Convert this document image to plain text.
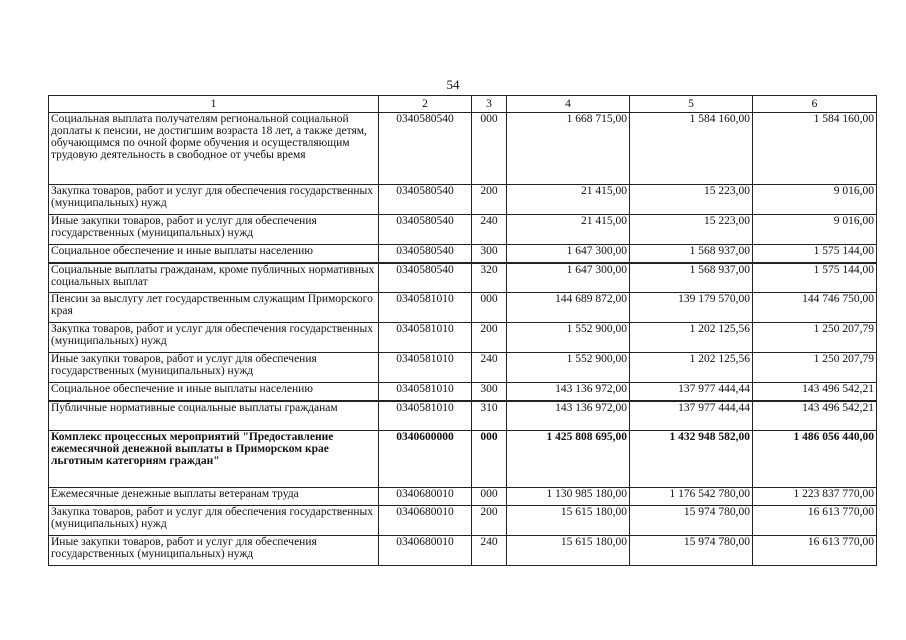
54
1	2	3	4	5	6
Социальная выплата получателям региональной социальной доплаты к пенсии, не достигшим возраста 18 лет, а также детям, обучающимся по очной форме обучения и осуществляющим трудовую деятельность в свободное от учебы время	0340580540	000	1 668 715,00	1 584 160,00	1 584 160,00
Закупка товаров, работ и услуг для обеспечения государственных (муниципальных) нужд	0340580540	200	21 415,00	15 223,00	9 016,00
Иные закупки товаров, работ и услуг для обеспечения государственных (муниципальных) нужд	0340580540	240	21 415,00	15 223,00	9 016,00
Социальное обеспечение и иные выплаты населению	0340580540	300	1 647 300,00	1 568 937,00	1 575 144,00
Социальные выплаты гражданам, кроме публичных нормативных социальных выплат	0340580540	320	1 647 300,00	1 568 937,00	1 575 144,00
Пенсии за выслугу лет государственным служащим Приморского края	0340581010	000	144 689 872,00	139 179 570,00	144 746 750,00
Закупка товаров, работ и услуг для обеспечения государственных (муниципальных) нужд	0340581010	200	1 552 900,00	1 202 125,56	1 250 207,79
Иные закупки товаров, работ и услуг для обеспечения государственных (муниципальных) нужд	0340581010	240	1 552 900,00	1 202 125,56	1 250 207,79
Социальное обеспечение и иные выплаты населению	0340581010	300	143 136 972,00	137 977 444,44	143 496 542,21
Публичные нормативные социальные выплаты гражданам	0340581010	310	143 136 972,00	137 977 444,44	143 496 542,21
Комплекс процессных мероприятий "Предоставление ежемесячной денежной выплаты в Приморском крае льготным категориям граждан"	0340600000	000	1 425 808 695,00	1 432 948 582,00	1 486 056 440,00
Ежемесячные денежные выплаты ветеранам труда	0340680010	000	1 130 985 180,00	1 176 542 780,00	1 223 837 770,00
Закупка товаров, работ и услуг для обеспечения государственных (муниципальных) нужд	0340680010	200	15 615 180,00	15 974 780,00	16 613 770,00
Иные закупки товаров, работ и услуг для обеспечения государственных (муниципальных) нужд	0340680010	240	15 615 180,00	15 974 780,00	16 613 770,00
